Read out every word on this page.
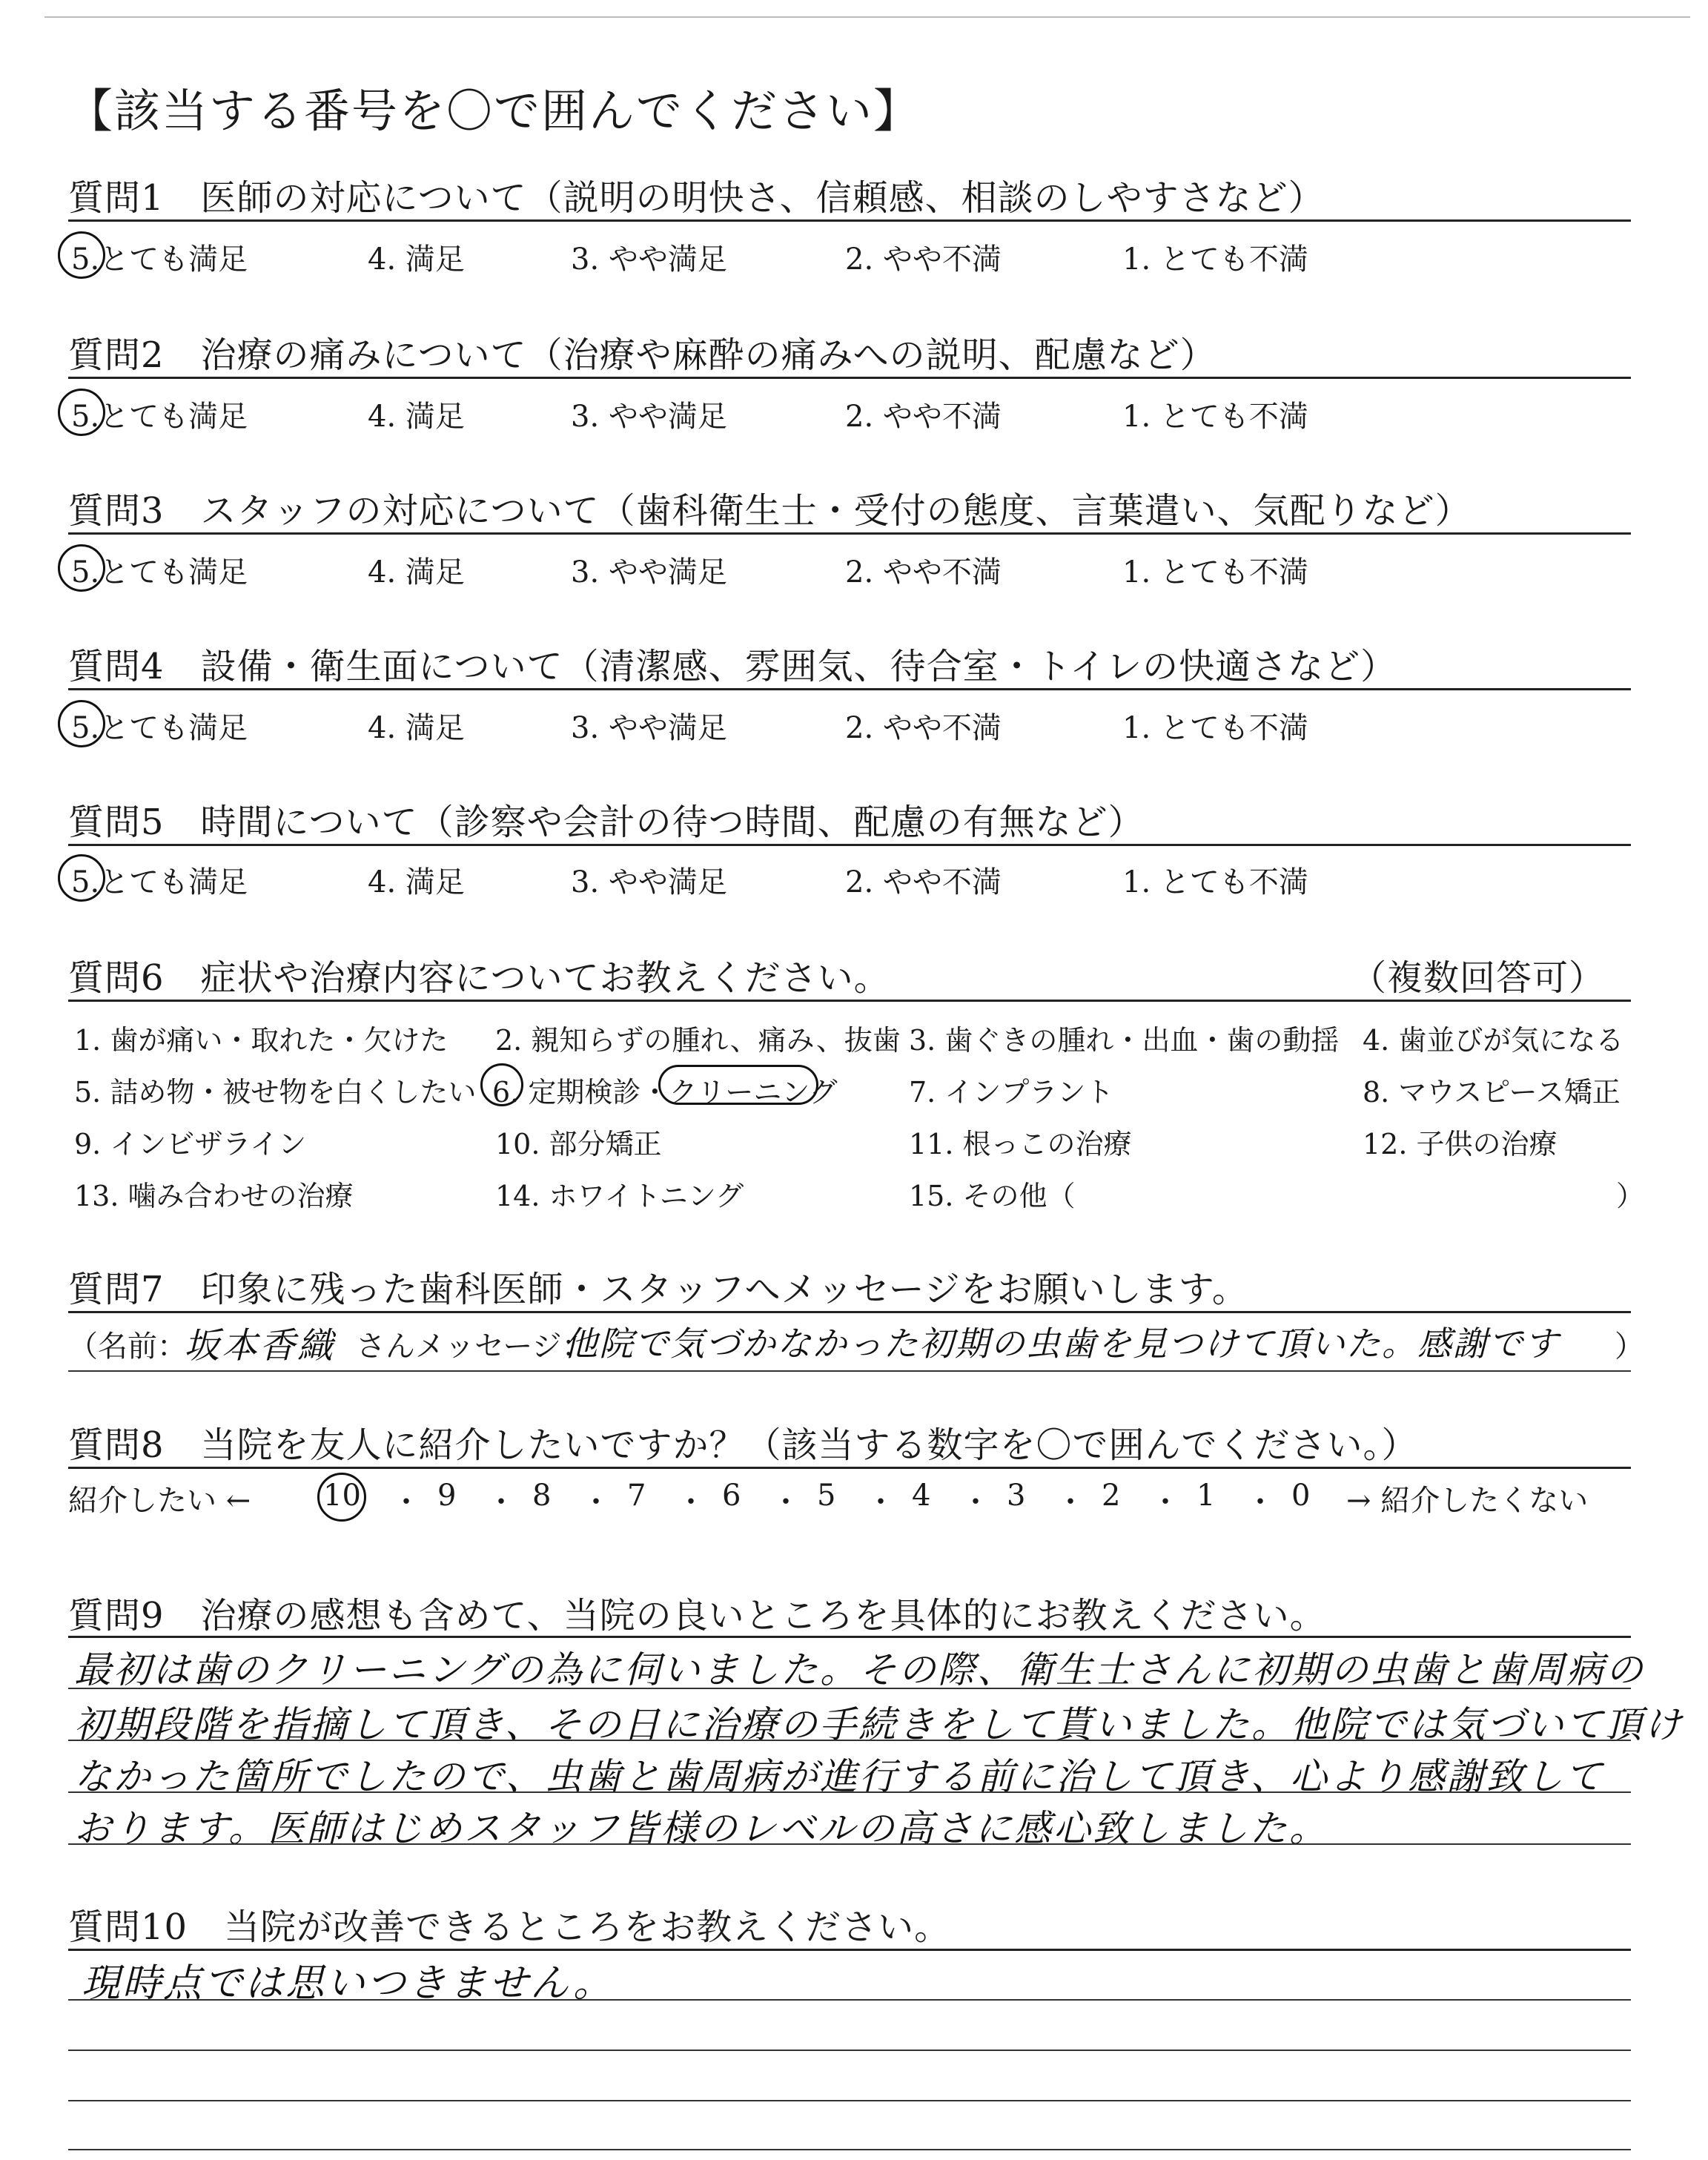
【該当する番号を〇で囲んでください】
質問1　医師の対応について（説明の明快さ、信頼感、相談のしやすさなど）
5.とても満足	4. 満足	3. やや満足	2. やや不満	1. とても不満
質問2　治療の痛みについて（治療や麻酔の痛みへの説明、配慮など）
5.とても満足	4. 満足	3. やや満足	2. やや不満	1. とても不満
質問3　スタッフの対応について（歯科衛生士・受付の態度、言葉遣い、気配りなど）
5.とても満足	4. 満足	3. やや満足	2. やや不満	1. とても不満
質問4　設備・衛生面について（清潔感、雰囲気、待合室・トイレの快適さなど）
5.とても満足	4. 満足	3. やや満足	2. やや不満	1. とても不満
質問5　時間について（診察や会計の待つ時間、配慮の有無など）
5.とても満足	4. 満足	3. やや満足	2. やや不満	1. とても不満
質問6　症状や治療内容についてお教えください。	（複数回答可）
1. 歯が痛い・取れた・欠けた 2. 親知らずの腫れ、痛み、抜歯 3. 歯ぐきの腫れ・出血・歯の動揺 4. 歯並びが気になる
5. 詰め物・被せ物を白くしたい 6. 定期検診・クリーニング	7. インプラント	8. マウスピース矯正
9. インビザライン	10. 部分矯正	11. 根っこの治療	12. 子供の治療
13. 噛み合わせの治療	14. ホワイトニング	15. その他（	）
質問7　印象に残った歯科医師・スタッフへメッセージをお願いします。
（名前：
坂本香織 さん メッセージ：
他院で気づかなかった初期の虫歯を見つけて頂いた。感謝です ）
質問8　当院を友人に紹介したいですか？（該当する数字を〇で囲んでください。）
紹介したい ← 10 ・ 9 ・ 8 ・ 7 ・ 6 ・ 5 ・ 4 ・ 3 ・ 2 ・ 1 ・ 0 → 紹介したくない
質問9　治療の感想も含めて、当院の良いところを具体的にお教えください。
最初は歯のクリーニングの為に伺いました。その際、衛生士さんに初期の虫歯と歯周病の
初期段階を指摘して頂き、その日に治療の手続きをして貰いました。他院では気づいて頂け
なかった箇所でしたので、虫歯と歯周病が進行する前に治して頂き、心より感謝致して
おります。医師はじめスタッフ皆様のレベルの高さに感心致しました。
質問10　当院が改善できるところをお教えください。
現時点では思いつきません。
